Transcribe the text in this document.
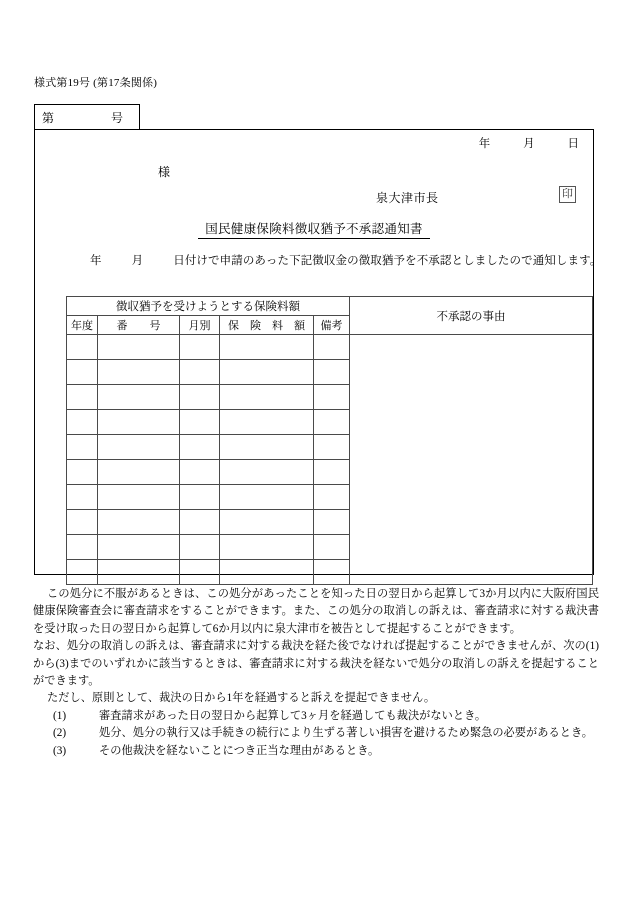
様式第19号 (第17条関係)
第	号
年	月	日
様
泉大津市長	印
国民健康保険料徴収猶予不承認通知書
年	月	日付けで申請のあった下記徴収金の徴取猶予を不承認としましたので通知します。
徴収猶予を受けようとする保険料額					不承認の事由
年度	番　　号	月別	保　険　料　額	備考	

この処分に不服があるときは、この処分があったことを知った日の翌日から起算して3か月以内に大阪府国民健康保険審査会に審査請求をすることができます。また、この処分の取消しの訴えは、審査請求に対する裁決書を受け取った日の翌日から起算して6か月以内に泉大津市を被告として提起することができます。

なお、処分の取消しの訴えは、審査請求に対する裁決を経た後でなければ提起することができませんが、次の(1)から(3)までのいずれかに該当するときは、審査請求に対する裁決を経ないで処分の取消しの訴えを提起することができます。

ただし、原則として、裁決の日から1年を経過すると訴えを提起できません。

(1)	審査請求があった日の翌日から起算して3ヶ月を経過しても裁決がないとき。

(2)	処分、処分の執行又は手続きの続行により生ずる著しい損害を避けるため緊急の必要があるとき。

(3)	その他裁決を経ないことにつき正当な理由があるとき。
